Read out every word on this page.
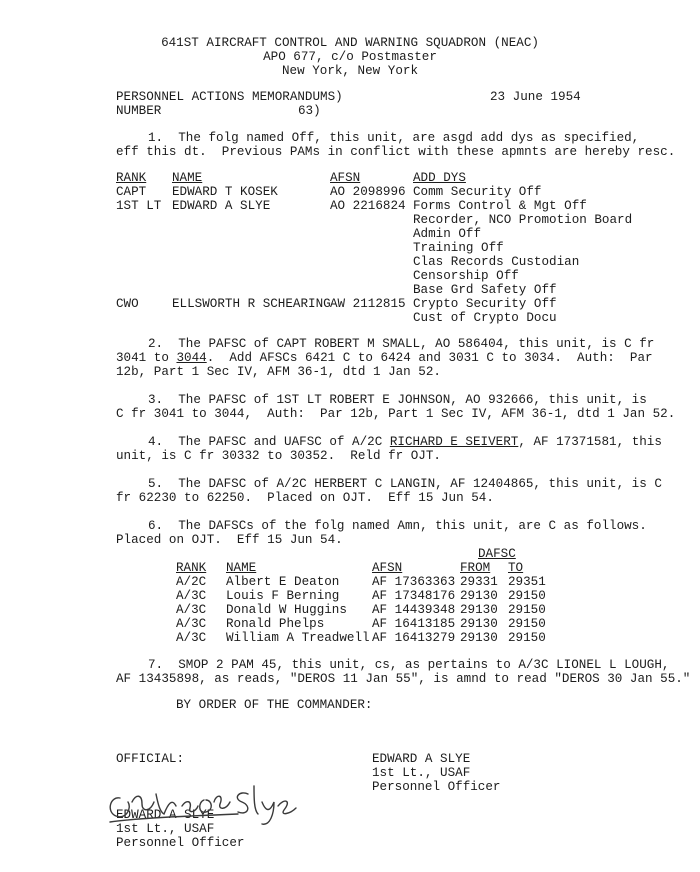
641ST AIRCRAFT CONTROL AND WARNING SQUADRON (NEAC)
APO 677, c/o Postmaster
New York, New York
PERSONNEL ACTIONS MEMORANDUMS)
NUMBER	63)
23 June 1954
1.  The folg named Off, this unit, are asgd add dys as specified,
eff this dt.  Previous PAMs in conflict with these apmnts are hereby resc.
RANK NAME	AFSN	ADD DYS
CAPT EDWARD T KOSEK	AO 2098996 Comm Security Off
1ST LT EDWARD A SLYE	AO 2216824 Forms Control & Mgt Off
Recorder, NCO Promotion Board
Admin Off
Training Off
Clas Records Custodian
Censorship Off
Base Grd Safety Off
CWO	ELLSWORTH R SCHEARING AW 2112815 Crypto Security Off
Cust of Crypto Docu
2.  The PAFSC of CAPT ROBERT M SMALL, AO 586404, this unit, is C fr
3041 to 3044.  Add AFSCs 6421 C to 6424 and 3031 C to 3034.  Auth:  Par
12b, Part 1 Sec IV, AFM 36-1, dtd 1 Jan 52.
3.  The PAFSC of 1ST LT ROBERT E JOHNSON, AO 932666, this unit, is
C fr 3041 to 3044,  Auth:  Par 12b, Part 1 Sec IV, AFM 36-1, dtd 1 Jan 52.
4.  The PAFSC and UAFSC of A/2C RICHARD E SEIVERT, AF 17371581, this
unit, is C fr 30332 to 30352.  Reld fr OJT.
5.  The DAFSC of A/2C HERBERT C LANGIN, AF 12404865, this unit, is C
fr 62230 to 62250.  Placed on OJT.  Eff 15 Jun 54.
6.  The DAFSCs of the folg named Amn, this unit, are C as follows.
Placed on OJT.  Eff 15 Jun 54.
DAFSC
RANK NAME	AFSN	FROM TO
A/2C Albert E Deaton	AF 17363363 29331 29351
A/3C Louis F Berning	AF 17348176 29130 29150
A/3C Donald W Huggins AF 14439348 29130 29150
A/3C Ronald Phelps	AF 16413185 29130 29150
A/3C William A Treadwell AF 16413279 29130 29150
7.  SMOP 2 PAM 45, this unit, cs, as pertains to A/3C LIONEL L LOUGH,
AF 13435898, as reads, "DEROS 11 Jan 55", is amnd to read "DEROS 30 Jan 55."
BY ORDER OF THE COMMANDER:
EDWARD A SLYE
1st Lt., USAF
Personnel Officer
OFFICIAL:
EDWARD A SLYE
1st Lt., USAF
Personnel Officer
